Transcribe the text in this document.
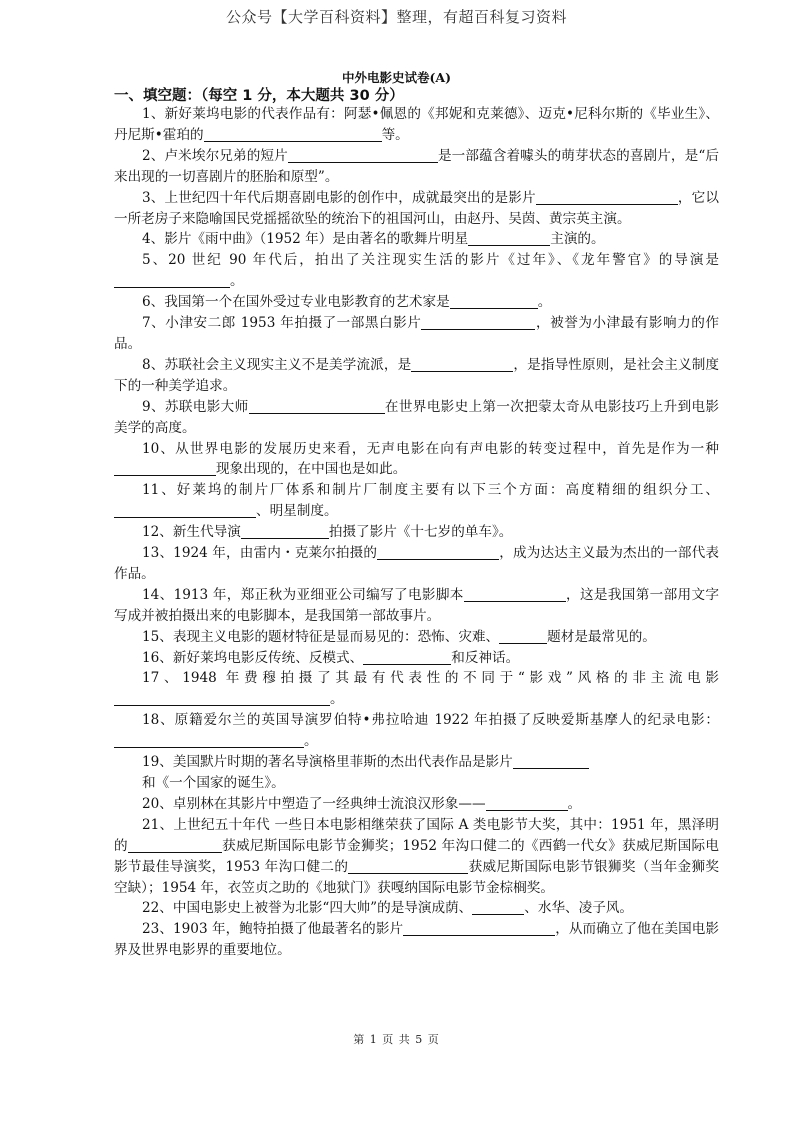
公众号【大学百科资料】整理，有超百科复习资料
中外电影史试卷(A)
一、填空题：（每空 1 分，本大题共 30 分）

1、新好莱坞电影的代表作品有：阿瑟•佩恩的《邦妮和克莱德》、迈克•尼科尔斯的《毕业生》、丹尼斯•霍珀的	等。

2、卢米埃尔兄弟的短片	是一部蕴含着噱头的萌芽状态的喜剧片，是“后来出现的一切喜剧片的胚胎和原型”。

3、上世纪四十年代后期喜剧电影的创作中，成就最突出的是影片	，它以一所老房子来隐喻国民党摇摇欲坠的统治下的祖国河山，由赵丹、吴茵、黄宗英主演。

4、影片《雨中曲》（1952 年）是由著名的歌舞片明星	主演的。

5、20 世纪 90 年代后，拍出了关注现实生活的影片《过年》、《龙年警官》的导演是。

6、我国第一个在国外受过专业电影教育的艺术家是	。

7、小津安二郎 1953 年拍摄了一部黑白影片	，被誉为小津最有影响力的作品。

8、苏联社会主义现实主义不是美学流派，是	，是指导性原则，是社会主义制度下的一种美学追求。

9、苏联电影大师	在世界电影史上第一次把蒙太奇从电影技巧上升到电影美学的高度。

10、从世界电影的发展历史来看，无声电影在向有声电影的转变过程中，首先是作为一种现象出现的，在中国也是如此。

11、好莱坞的制片厂体系和制片厂制度主要有以下三个方面：高度精细的组织分工、、明星制度。

12、新生代导演	拍摄了影片《十七岁的单车》。

13、1924 年，由雷内・克莱尔拍摄的	，成为达达主义最为杰出的一部代表作品。

14、1913 年，郑正秋为亚细亚公司编写了电影脚本	，这是我国第一部用文字写成并被拍摄出来的电影脚本，是我国第一部故事片。

15、表现主义电影的题材特征是显而易见的：恐怖、灾难、	题材是最常见的。

16、新好莱坞电影反传统、反模式、	和反神话。

17、1948 年费穆拍摄了其最有代表性的不同于“影戏”风格的非主流电影。

18、原籍爱尔兰的英国导演罗伯特•弗拉哈迪 1922 年拍摄了反映爱斯基摩人的纪录电影：。

19、美国默片时期的著名导演格里菲斯的杰出代表作品是影片

和《一个国家的诞生》。

20、卓别林在其影片中塑造了一经典绅士流浪汉形象——	。

21、上世纪五十年代 一些日本电影相继荣获了国际 A 类电影节大奖，其中：1951 年，黑泽明的	获威尼斯国际电影节金狮奖；1952 年沟口健二的《西鹤一代女》获威尼斯国际电影节最佳导演奖，1953 年沟口健二的	获威尼斯国际电影节银狮奖（当年金狮奖空缺）；1954 年，衣笠贞之助的《地狱门》获嘎纳国际电影节金棕榈奖。

22、中国电影史上被誉为北影“四大帅”的是导演成荫、	、水华、凌子风。

23、1903 年，鲍特拍摄了他最著名的影片	，从而确立了他在美国电影界及世界电影界的重要地位。

第 1 页 共 5 页
